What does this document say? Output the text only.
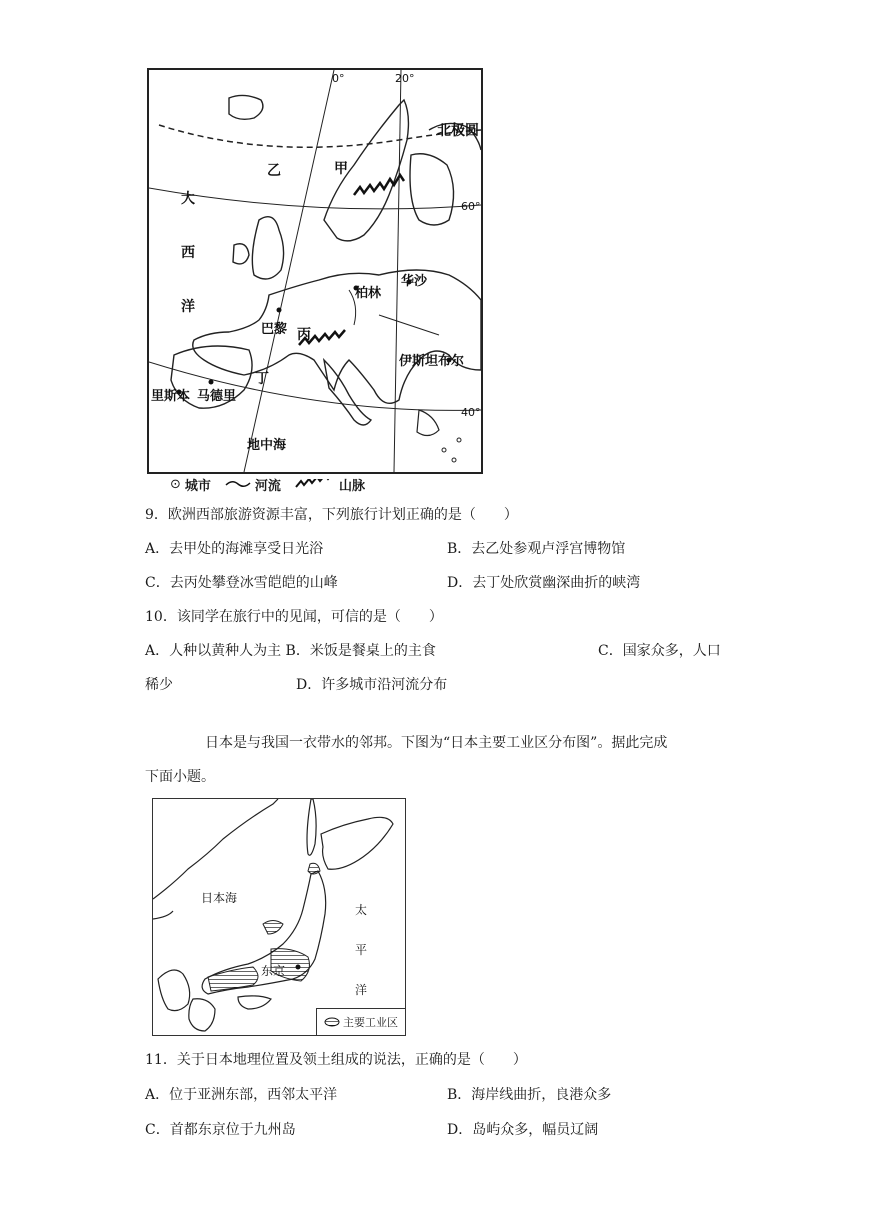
0°	20°
60°
40°
北极圆
大
西
洋
甲
乙
丙
丁
柏林
华沙
巴黎
伊斯坦布尔
里斯本 马德里
地中海
⊙ 城市	河流	山脉
9．欧洲西部旅游资源丰富，下列旅行计划正确的是（　　）
A．去甲处的海滩享受日光浴	B．去乙处参观卢浮宫博物馆
C．去丙处攀登冰雪皑皑的山峰	D．去丁处欣赏幽深曲折的峡湾
10．该同学在旅行中的见闻，可信的是（　　）
A．人种以黄种人为主 B．米饭是餐桌上的主食	C．国家众多，人口
稀少	D．许多城市沿河流分布
日本是与我国一衣带水的邻邦。下图为“日本主要工业区分布图”。据此完成
下面小题。
日本海
太
平
洋
东京
主要工业区
11．关于日本地理位置及领土组成的说法，正确的是（　　）
A．位于亚洲东部，西邻太平洋	B．海岸线曲折，良港众多
C．首都东京位于九州岛	D．岛屿众多，幅员辽阔
